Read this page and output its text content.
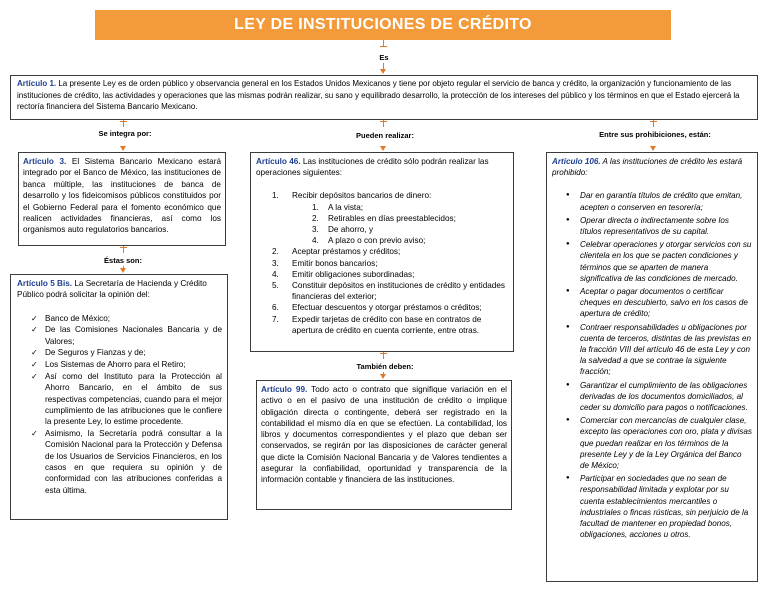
LEY DE INSTITUCIONES DE CRÉDITO
Es
Artículo 1. La presente Ley es de orden público y observancia general en los Estados Unidos Mexicanos y tiene por objeto regular el servicio de banca y crédito, la organización y funcionamiento de las instituciones de crédito, las actividades y operaciones que las mismas podrán realizar, su sano y equilibrado desarrollo, la protección de los intereses del público y los términos en que el Estado ejercerá la rectoría financiera del Sistema Bancario Mexicano.
Se integra por:	Pueden realizar:	Entre sus prohibiciones, están:
Artículo 3. El Sistema Bancario Mexicano estará integrado por el Banco de México, las instituciones de banca múltiple, las instituciones de banca de desarrollo y los fideicomisos públicos constituidos por el Gobierno Federal para el fomento económico que realicen actividades financieras, así como los organismos auto regulatorios bancarios.
Éstas son:
Artículo 5 Bis. La Secretaría de Hacienda y Crédito Público podrá solicitar la opinión del:
✓ Banco de México;
✓ De las Comisiones Nacionales Bancaria y de Valores;
✓ De Seguros y Fianzas y de;
✓ Los Sistemas de Ahorro para el Retiro;
✓ Así como del Instituto para la Protección al Ahorro Bancario, en el ámbito de sus respectivas competencias, cuando para el mejor cumplimiento de las atribuciones que le confiere la presente Ley, lo estime procedente.
✓ Asimismo, la Secretaría podrá consultar a la Comisión Nacional para la Protección y Defensa de los Usuarios de Servicios Financieros, en los casos en que requiera su opinión y de conformidad con las atribuciones conferidas a esta última.
Artículo 46. Las instituciones de crédito sólo podrán realizar las operaciones siguientes:
1. Recibir depósitos bancarios de dinero:
1. A la vista;
2. Retirables en días preestablecidos;
3. De ahorro, y
4. A plazo o con previo aviso;
2. Aceptar préstamos y créditos;
3. Emitir bonos bancarios;
4. Emitir obligaciones subordinadas;
5. Constituir depósitos en instituciones de crédito y entidades financieras del exterior;
6. Efectuar descuentos y otorgar préstamos o créditos;
7. Expedir tarjetas de crédito con base en contratos de apertura de crédito en cuenta corriente, entre otras.
También deben:
Artículo 99. Todo acto o contrato que signifique variación en el activo o en el pasivo de una institución de crédito o implique obligación directa o contingente, deberá ser registrado en la contabilidad el mismo día en que se efectúen. La contabilidad, los libros y documentos correspondientes y el plazo que deban ser conservados, se regirán por las disposiciones de carácter general que dicte la Comisión Nacional Bancaria y de Valores tendientes a asegurar la confiabilidad, oportunidad y transparencia de la información contable y financiera de las instituciones.
Artículo 106. A las instituciones de crédito les estará prohibido:
● Dar en garantía títulos de crédito que emitan, acepten o conserven en tesorería;
● Operar directa o indirectamente sobre los títulos representativos de su capital.
● Celebrar operaciones y otorgar servicios con su clientela en los que se pacten condiciones y términos que se aparten de manera significativa de las condiciones de mercado.
● Aceptar o pagar documentos o certificar cheques en descubierto, salvo en los casos de apertura de crédito;
● Contraer responsabilidades u obligaciones por cuenta de terceros, distintas de las previstas en la fracción VIII del artículo 46 de esta Ley y con la salvedad a que se contrae la siguiente fracción;
● Garantizar el cumplimiento de las obligaciones derivadas de los documentos domiciliados, al ceder su domicilio para pagos o notificaciones.
● Comerciar con mercancías de cualquier clase, excepto las operaciones con oro, plata y divisas que puedan realizar en los términos de la presente Ley y de la Ley Orgánica del Banco de México;
● Participar en sociedades que no sean de responsabilidad limitada y explotar por su cuenta establecimientos mercantiles o industriales o fincas rústicas, sin perjuicio de la facultad de mantener en propiedad bonos, obligaciones, acciones u otros.
